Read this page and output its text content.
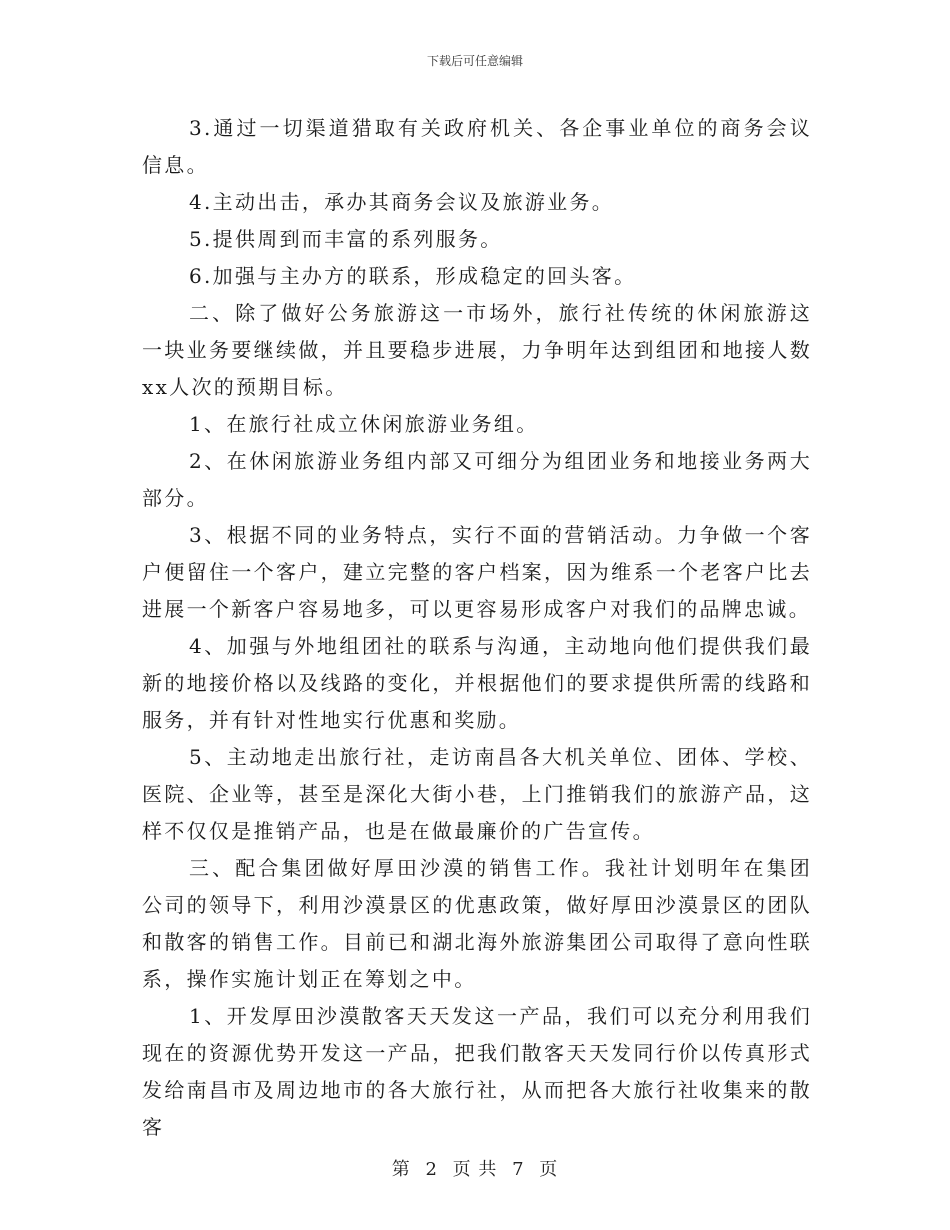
下载后可任意编辑

3.通过一切渠道猎取有关政府机关、各企事业单位的商务会议信息。

4.主动出击，承办其商务会议及旅游业务。

5.提供周到而丰富的系列服务。

6.加强与主办方的联系，形成稳定的回头客。

二、除了做好公务旅游这一市场外，旅行社传统的休闲旅游这一块业务要继续做，并且要稳步进展，力争明年达到组团和地接人数xx人次的预期目标。

1、在旅行社成立休闲旅游业务组。

2、在休闲旅游业务组内部又可细分为组团业务和地接业务两大部分。

3、根据不同的业务特点，实行不面的营销活动。力争做一个客户便留住一个客户，建立完整的客户档案，因为维系一个老客户比去进展一个新客户容易地多，可以更容易形成客户对我们的品牌忠诚。

4、加强与外地组团社的联系与沟通，主动地向他们提供我们最新的地接价格以及线路的变化，并根据他们的要求提供所需的线路和服务，并有针对性地实行优惠和奖励。

5、主动地走出旅行社，走访南昌各大机关单位、团体、学校、医院、企业等，甚至是深化大街小巷，上门推销我们的旅游产品，这样不仅仅是推销产品，也是在做最廉价的广告宣传。

三、配合集团做好厚田沙漠的销售工作。我社计划明年在集团公司的领导下，利用沙漠景区的优惠政策，做好厚田沙漠景区的团队和散客的销售工作。目前已和湖北海外旅游集团公司取得了意向性联系，操作实施计划正在筹划之中。

1、开发厚田沙漠散客天天发这一产品，我们可以充分利用我们现在的资源优势开发这一产品，把我们散客天天发同行价以传真形式发给南昌市及周边地市的各大旅行社，从而把各大旅行社收集来的散客

第 2 页 共 7 页
